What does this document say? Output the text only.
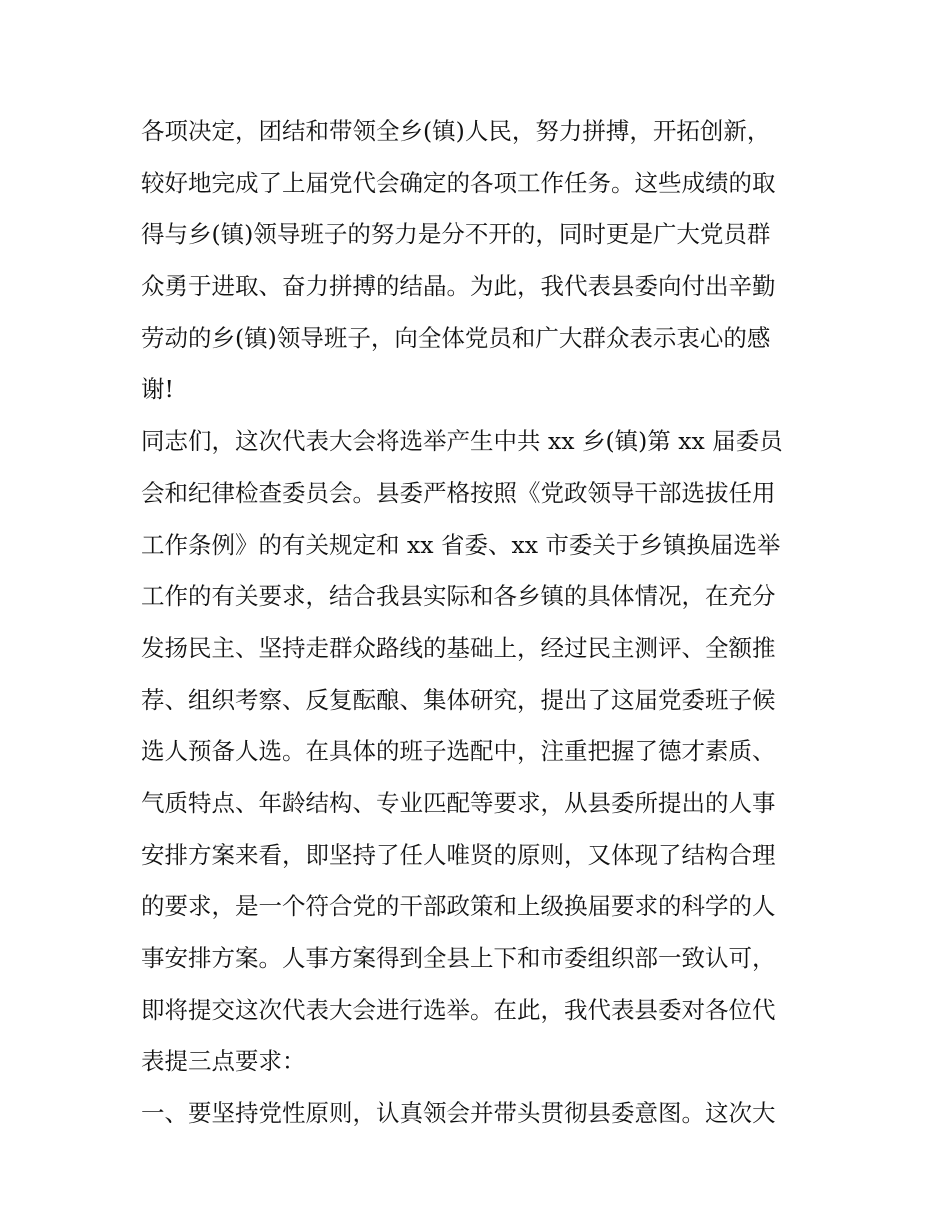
各项决定，团结和带领全乡(镇)人民，努力拼搏，开拓创新，
较好地完成了上届党代会确定的各项工作任务。这些成绩的取
得与乡(镇)领导班子的努力是分不开的，同时更是广大党员群
众勇于进取、奋力拼搏的结晶。为此，我代表县委向付出辛勤
劳动的乡(镇)领导班子，向全体党员和广大群众表示衷心的感
谢!
同志们，这次代表大会将选举产生中共 xx 乡(镇)第 xx 届委员
会和纪律检查委员会。县委严格按照《党政领导干部选拔任用
工作条例》的有关规定和 xx 省委、xx 市委关于乡镇换届选举
工作的有关要求，结合我县实际和各乡镇的具体情况，在充分
发扬民主、坚持走群众路线的基础上，经过民主测评、全额推
荐、组织考察、反复酝酿、集体研究，提出了这届党委班子候
选人预备人选。在具体的班子选配中，注重把握了德才素质、
气质特点、年龄结构、专业匹配等要求，从县委所提出的人事
安排方案来看，即坚持了任人唯贤的原则，又体现了结构合理
的要求，是一个符合党的干部政策和上级换届要求的科学的人
事安排方案。人事方案得到全县上下和市委组织部一致认可，
即将提交这次代表大会进行选举。在此，我代表县委对各位代
表提三点要求：
一、要坚持党性原则，认真领会并带头贯彻县委意图。这次大
